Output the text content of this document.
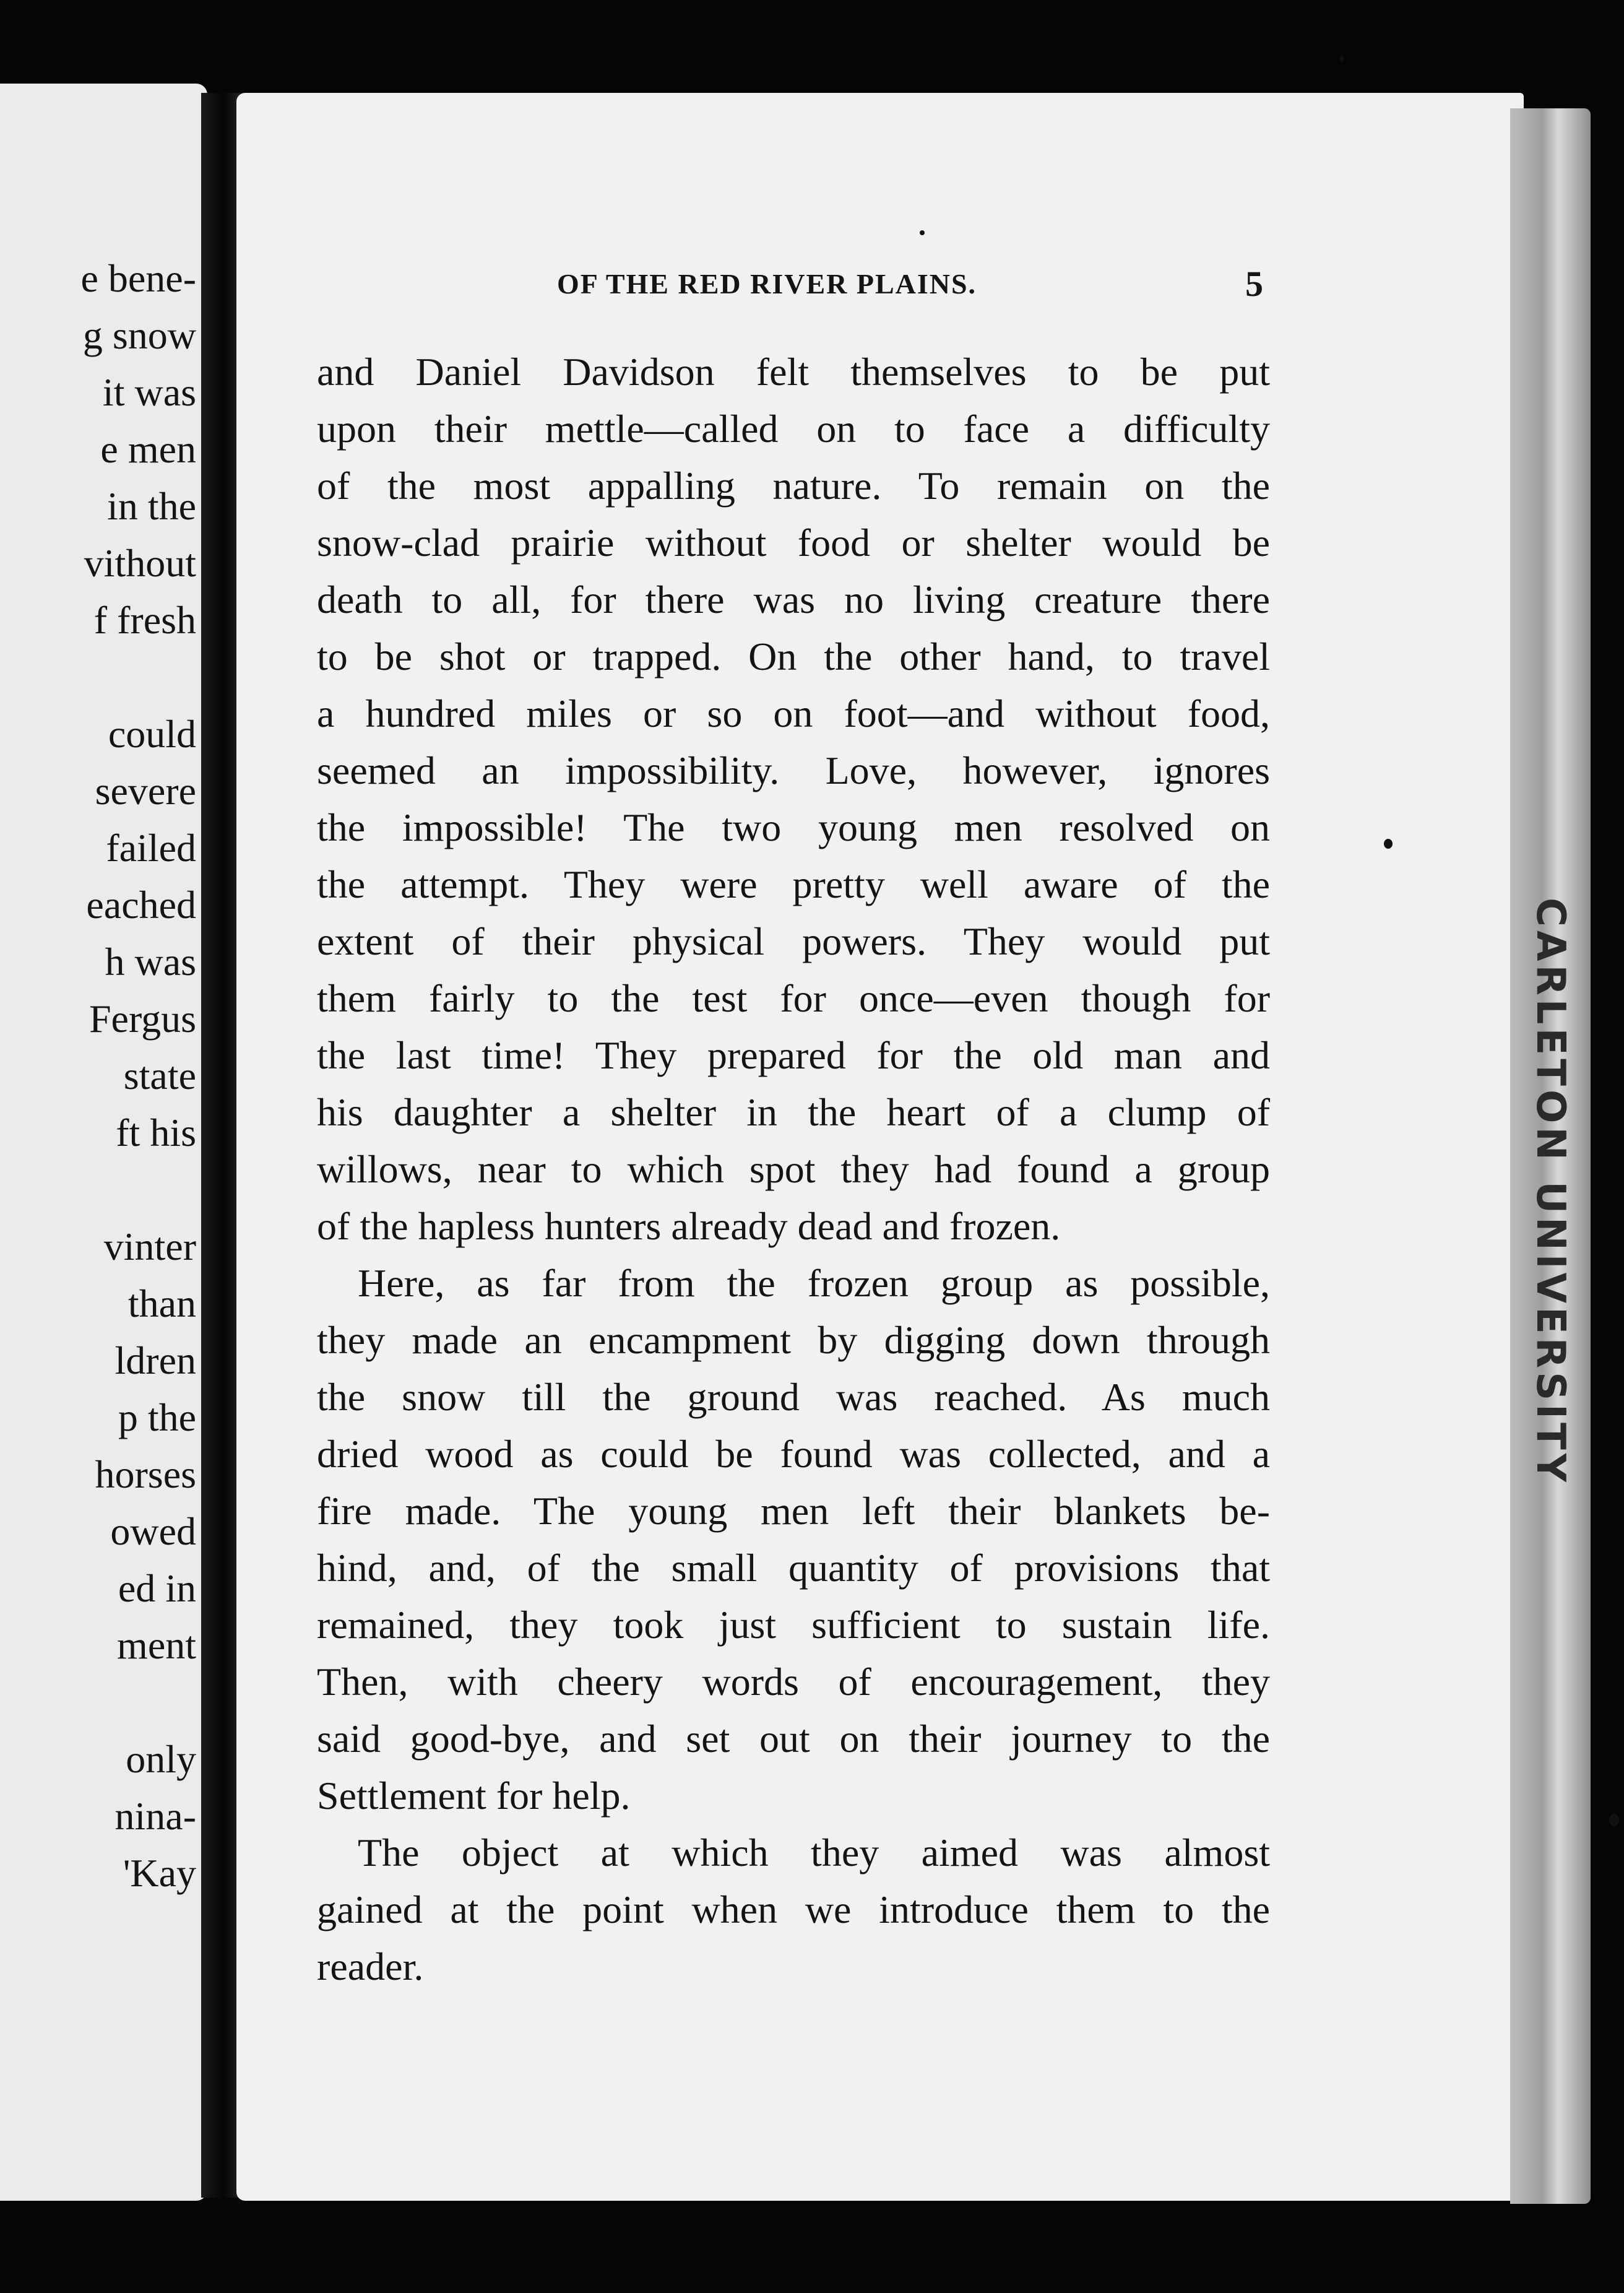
e bene-
g snow
it was
e men
in the
vithout
f fresh
could
severe
failed
eached
h was
Fergus
state
ft his
vinter
than
ldren
p the
horses
owed
ed in
ment
only
nina-
'Kay
CARLETON UNIVERSITY
OF THE RED RIVER PLAINS.	5
and Daniel Davidson felt themselves to be put
upon their mettle—called on to face a difficulty
of the most appalling nature. To remain on the
snow-clad prairie without food or shelter would be
death to all, for there was no living creature there
to be shot or trapped. On the other hand, to travel
a hundred miles or so on foot—and without food,
seemed an impossibility. Love, however, ignores
the impossible! The two young men resolved on
the attempt. They were pretty well aware of the
extent of their physical powers. They would put
them fairly to the test for once—even though for
the last time! They prepared for the old man and
his daughter a shelter in the heart of a clump of
willows, near to which spot they had found a group
of the hapless hunters already dead and frozen.
Here, as far from the frozen group as possible,
they made an encampment by digging down through
the snow till the ground was reached. As much
dried wood as could be found was collected, and a
fire made. The young men left their blankets be-
hind, and, of the small quantity of provisions that
remained, they took just sufficient to sustain life.
Then, with cheery words of encouragement, they
said good-bye, and set out on their journey to the
Settlement for help.
The object at which they aimed was almost
gained at the point when we introduce them to the
reader.
